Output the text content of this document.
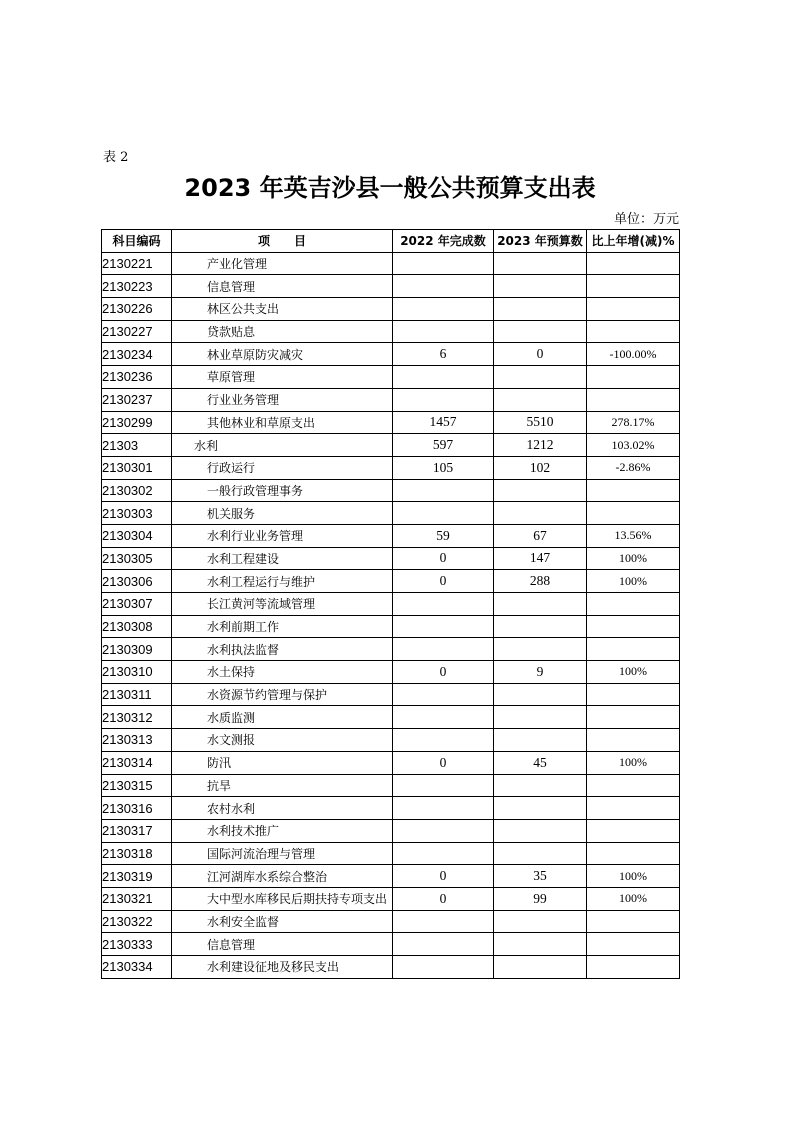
表 2
2023 年英吉沙县一般公共预算支出表
单位：万元
科目编码	项　　目	2022 年完成数	2023 年预算数	比上年增(减)%
2130221	产业化管理			
2130223	信息管理			
2130226	林区公共支出			
2130227	贷款贴息			
2130234	林业草原防灾减灾	6	0	-100.00%
2130236	草原管理			
2130237	行业业务管理			
2130299	其他林业和草原支出	1457	5510	278.17%
21303	水利	597	1212	103.02%
2130301	行政运行	105	102	-2.86%
2130302	一般行政管理事务			
2130303	机关服务			
2130304	水利行业业务管理	59	67	13.56%
2130305	水利工程建设	0	147	100%
2130306	水利工程运行与维护	0	288	100%
2130307	长江黄河等流域管理			
2130308	水利前期工作			
2130309	水利执法监督			
2130310	水土保持	0	9	100%
2130311	水资源节约管理与保护			
2130312	水质监测			
2130313	水文测报			
2130314	防汛	0	45	100%
2130315	抗旱			
2130316	农村水利			
2130317	水利技术推广			
2130318	国际河流治理与管理			
2130319	江河湖库水系综合整治	0	35	100%
2130321	大中型水库移民后期扶持专项支出	0	99	100%
2130322	水利安全监督			
2130333	信息管理			
2130334	水利建设征地及移民支出			
